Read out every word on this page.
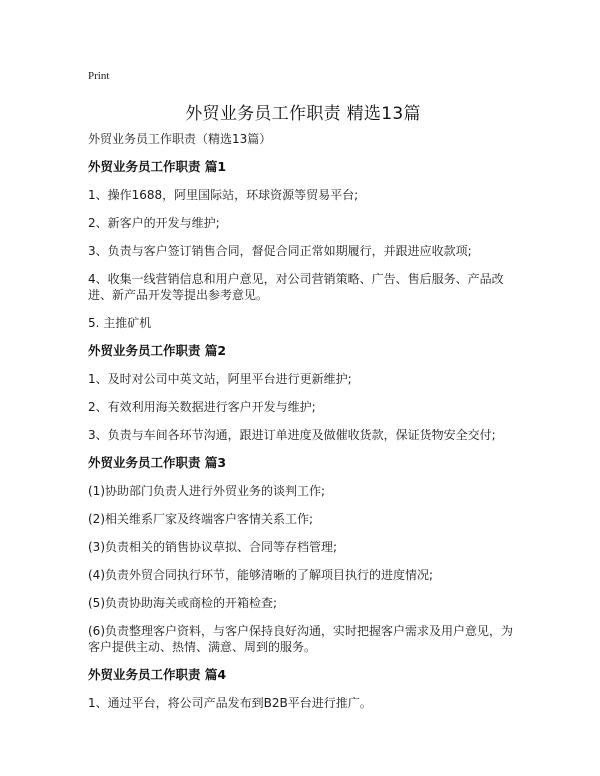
Print
外贸业务员工作职责 精选13篇

外贸业务员工作职责（精选13篇）

外贸业务员工作职责 篇1

1、操作1688，阿里国际站，环球资源等贸易平台;

2、新客户的开发与维护;

3、负责与客户签订销售合同，督促合同正常如期履行，并跟进应收款项;

4、收集一线营销信息和用户意见，对公司营销策略、广告、售后服务、产品改进、新产品开发等提出参考意见。

5. 主推矿机

外贸业务员工作职责 篇2

1、及时对公司中英文站，阿里平台进行更新维护;

2、有效利用海关数据进行客户开发与维护;

3、负责与车间各环节沟通，跟进订单进度及做催收货款，保证货物安全交付;

外贸业务员工作职责 篇3

(1)协助部门负责人进行外贸业务的谈判工作;

(2)相关维系厂家及终端客户客情关系工作;

(3)负责相关的销售协议草拟、合同等存档管理;

(4)负责外贸合同执行环节，能够清晰的了解项目执行的进度情况;

(5)负责协助海关或商检的开箱检查;

(6)负责整理客户资料，与客户保持良好沟通，实时把握客户需求及用户意见，为客户提供主动、热情、满意、周到的服务。

外贸业务员工作职责 篇4

1、通过平台，将公司产品发布到B2B平台进行推广。
